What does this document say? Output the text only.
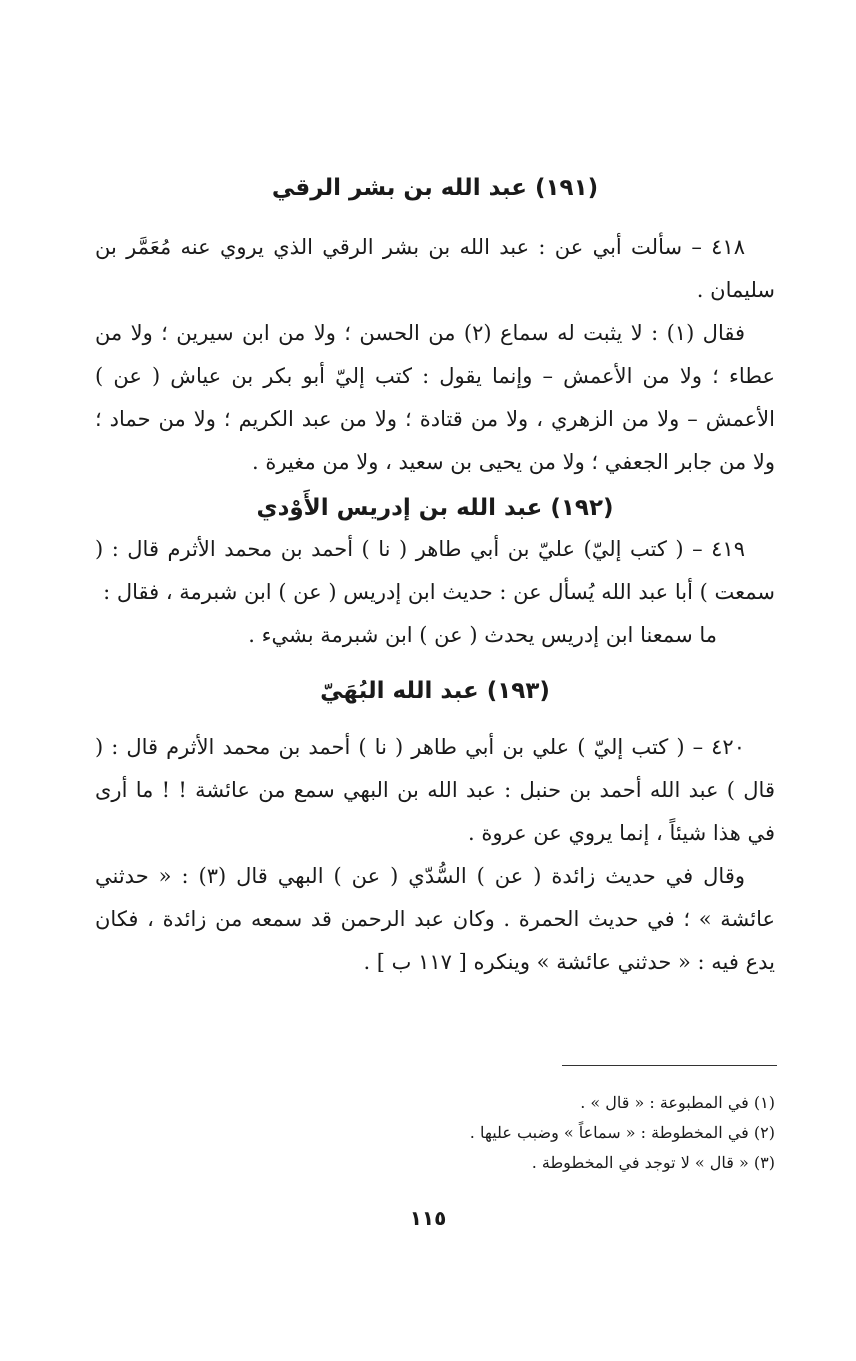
(١٩١) عبد الله بن بشر الرقي

٤١٨ – سألت أبي عن : عبد الله بن بشر الرقي الذي يروي عنه مُعَمَّر بن سليمان .

فقال (١) : لا يثبت له سماع (٢) من الحسن ؛ ولا من ابن سيرين ؛ ولا من عطاء ؛ ولا من الأعمش – وإنما يقول : كتب إليّ أبو بكر بن عياش ( عن ) الأعمش – ولا من الزهري ، ولا من قتادة ؛ ولا من عبد الكريم ؛ ولا من حماد ؛ ولا من جابر الجعفي ؛ ولا من يحيى بن سعيد ، ولا من مغيرة .

(١٩٢) عبد الله بن إدريس الأَوْدي

٤١٩ – ( كتب إليّ) عليّ بن أبي طاهر ( نا ) أحمد بن محمد الأثرم قال : ( سمعت ) أبا عبد الله يُسأل عن : حديث ابن إدريس ( عن ) ابن شبرمة ، فقال :

ما سمعنا ابن إدريس يحدث ( عن ) ابن شبرمة بشيء .

(١٩٣) عبد الله البُهَيّ

٤٢٠ – ( كتب إليّ ) علي بن أبي طاهر ( نا ) أحمد بن محمد الأثرم قال : ( قال ) عبد الله أحمد بن حنبل : عبد الله بن البهي سمع من عائشة ! ! ما أرى في هذا شيئاً ، إنما يروي عن عروة .

وقال في حديث زائدة ( عن ) السُّدّي ( عن ) البهي قال (٣) : « حدثني عائشة » ؛ في حديث الحمرة . وكان عبد الرحمن قد سمعه من زائدة ، فكان يدع فيه : « حدثني عائشة » وينكره [ ١١٧ ب ] .

(١) في المطبوعة : « قال » .

(٢) في المخطوطة : « سماعاً » وضبب عليها .

(٣) « قال » لا توجد في المخطوطة .

١١٥
